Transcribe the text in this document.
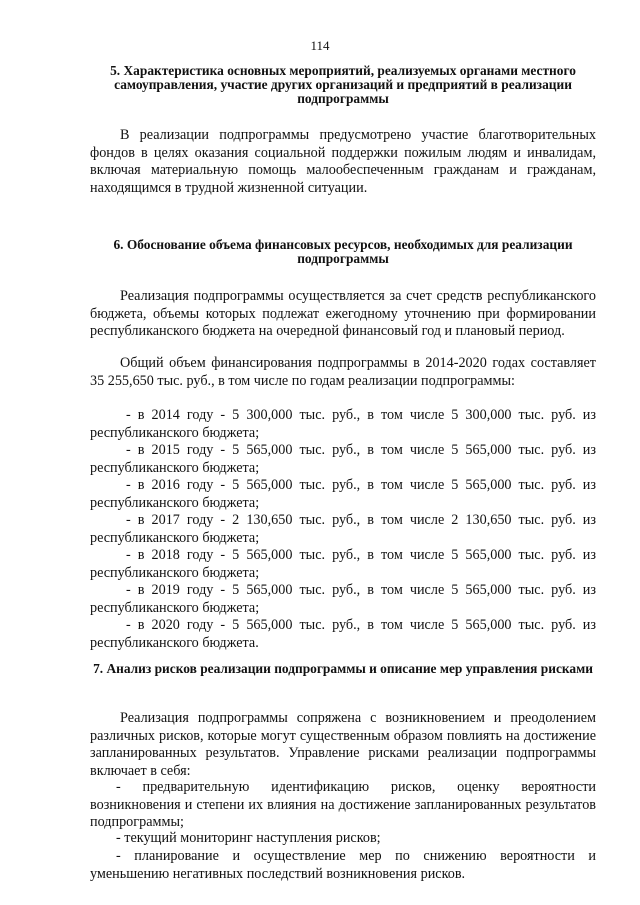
114
5. Характеристика основных мероприятий, реализуемых органами местного самоуправления, участие других организаций и предприятий в реализации подпрограммы
В реализации подпрограммы предусмотрено участие благотворительных фондов в целях оказания социальной поддержки пожилым людям и инвалидам, включая материальную помощь малообеспеченным гражданам и гражданам, находящимся в трудной жизненной ситуации.
6. Обоснование объема финансовых ресурсов, необходимых для реализации подпрограммы
Реализация подпрограммы осуществляется за счет средств республиканского бюджета, объемы которых подлежат ежегодному уточнению при формировании республиканского бюджета на очередной финансовый год и плановый период.
Общий объем финансирования подпрограммы в 2014-2020 годах составляет 35 255,650 тыс. руб., в том числе по годам реализации подпрограммы:
- в 2014 году - 5 300,000 тыс. руб., в том числе 5 300,000 тыс. руб. из республиканского бюджета;
- в 2015 году - 5 565,000 тыс. руб., в том числе 5 565,000 тыс. руб. из республиканского бюджета;
- в 2016 году - 5 565,000 тыс. руб., в том числе 5 565,000 тыс. руб. из республиканского бюджета;
- в 2017 году - 2 130,650 тыс. руб., в том числе 2 130,650 тыс. руб. из республиканского бюджета;
- в 2018 году - 5 565,000 тыс. руб., в том числе 5 565,000 тыс. руб. из республиканского бюджета;
- в 2019 году - 5 565,000 тыс. руб., в том числе 5 565,000 тыс. руб. из республиканского бюджета;
- в 2020 году - 5 565,000 тыс. руб., в том числе 5 565,000 тыс. руб. из республиканского бюджета.
7. Анализ рисков реализации подпрограммы и описание мер управления рисками
Реализация подпрограммы сопряжена с возникновением и преодолением различных рисков, которые могут существенным образом повлиять на достижение запланированных результатов. Управление рисками реализации подпрограммы включает в себя:
- предварительную идентификацию рисков, оценку вероятности возникновения и степени их влияния на достижение запланированных результатов подпрограммы;
- текущий мониторинг наступления рисков;
- планирование и осуществление мер по снижению вероятности и уменьшению негативных последствий возникновения рисков.
